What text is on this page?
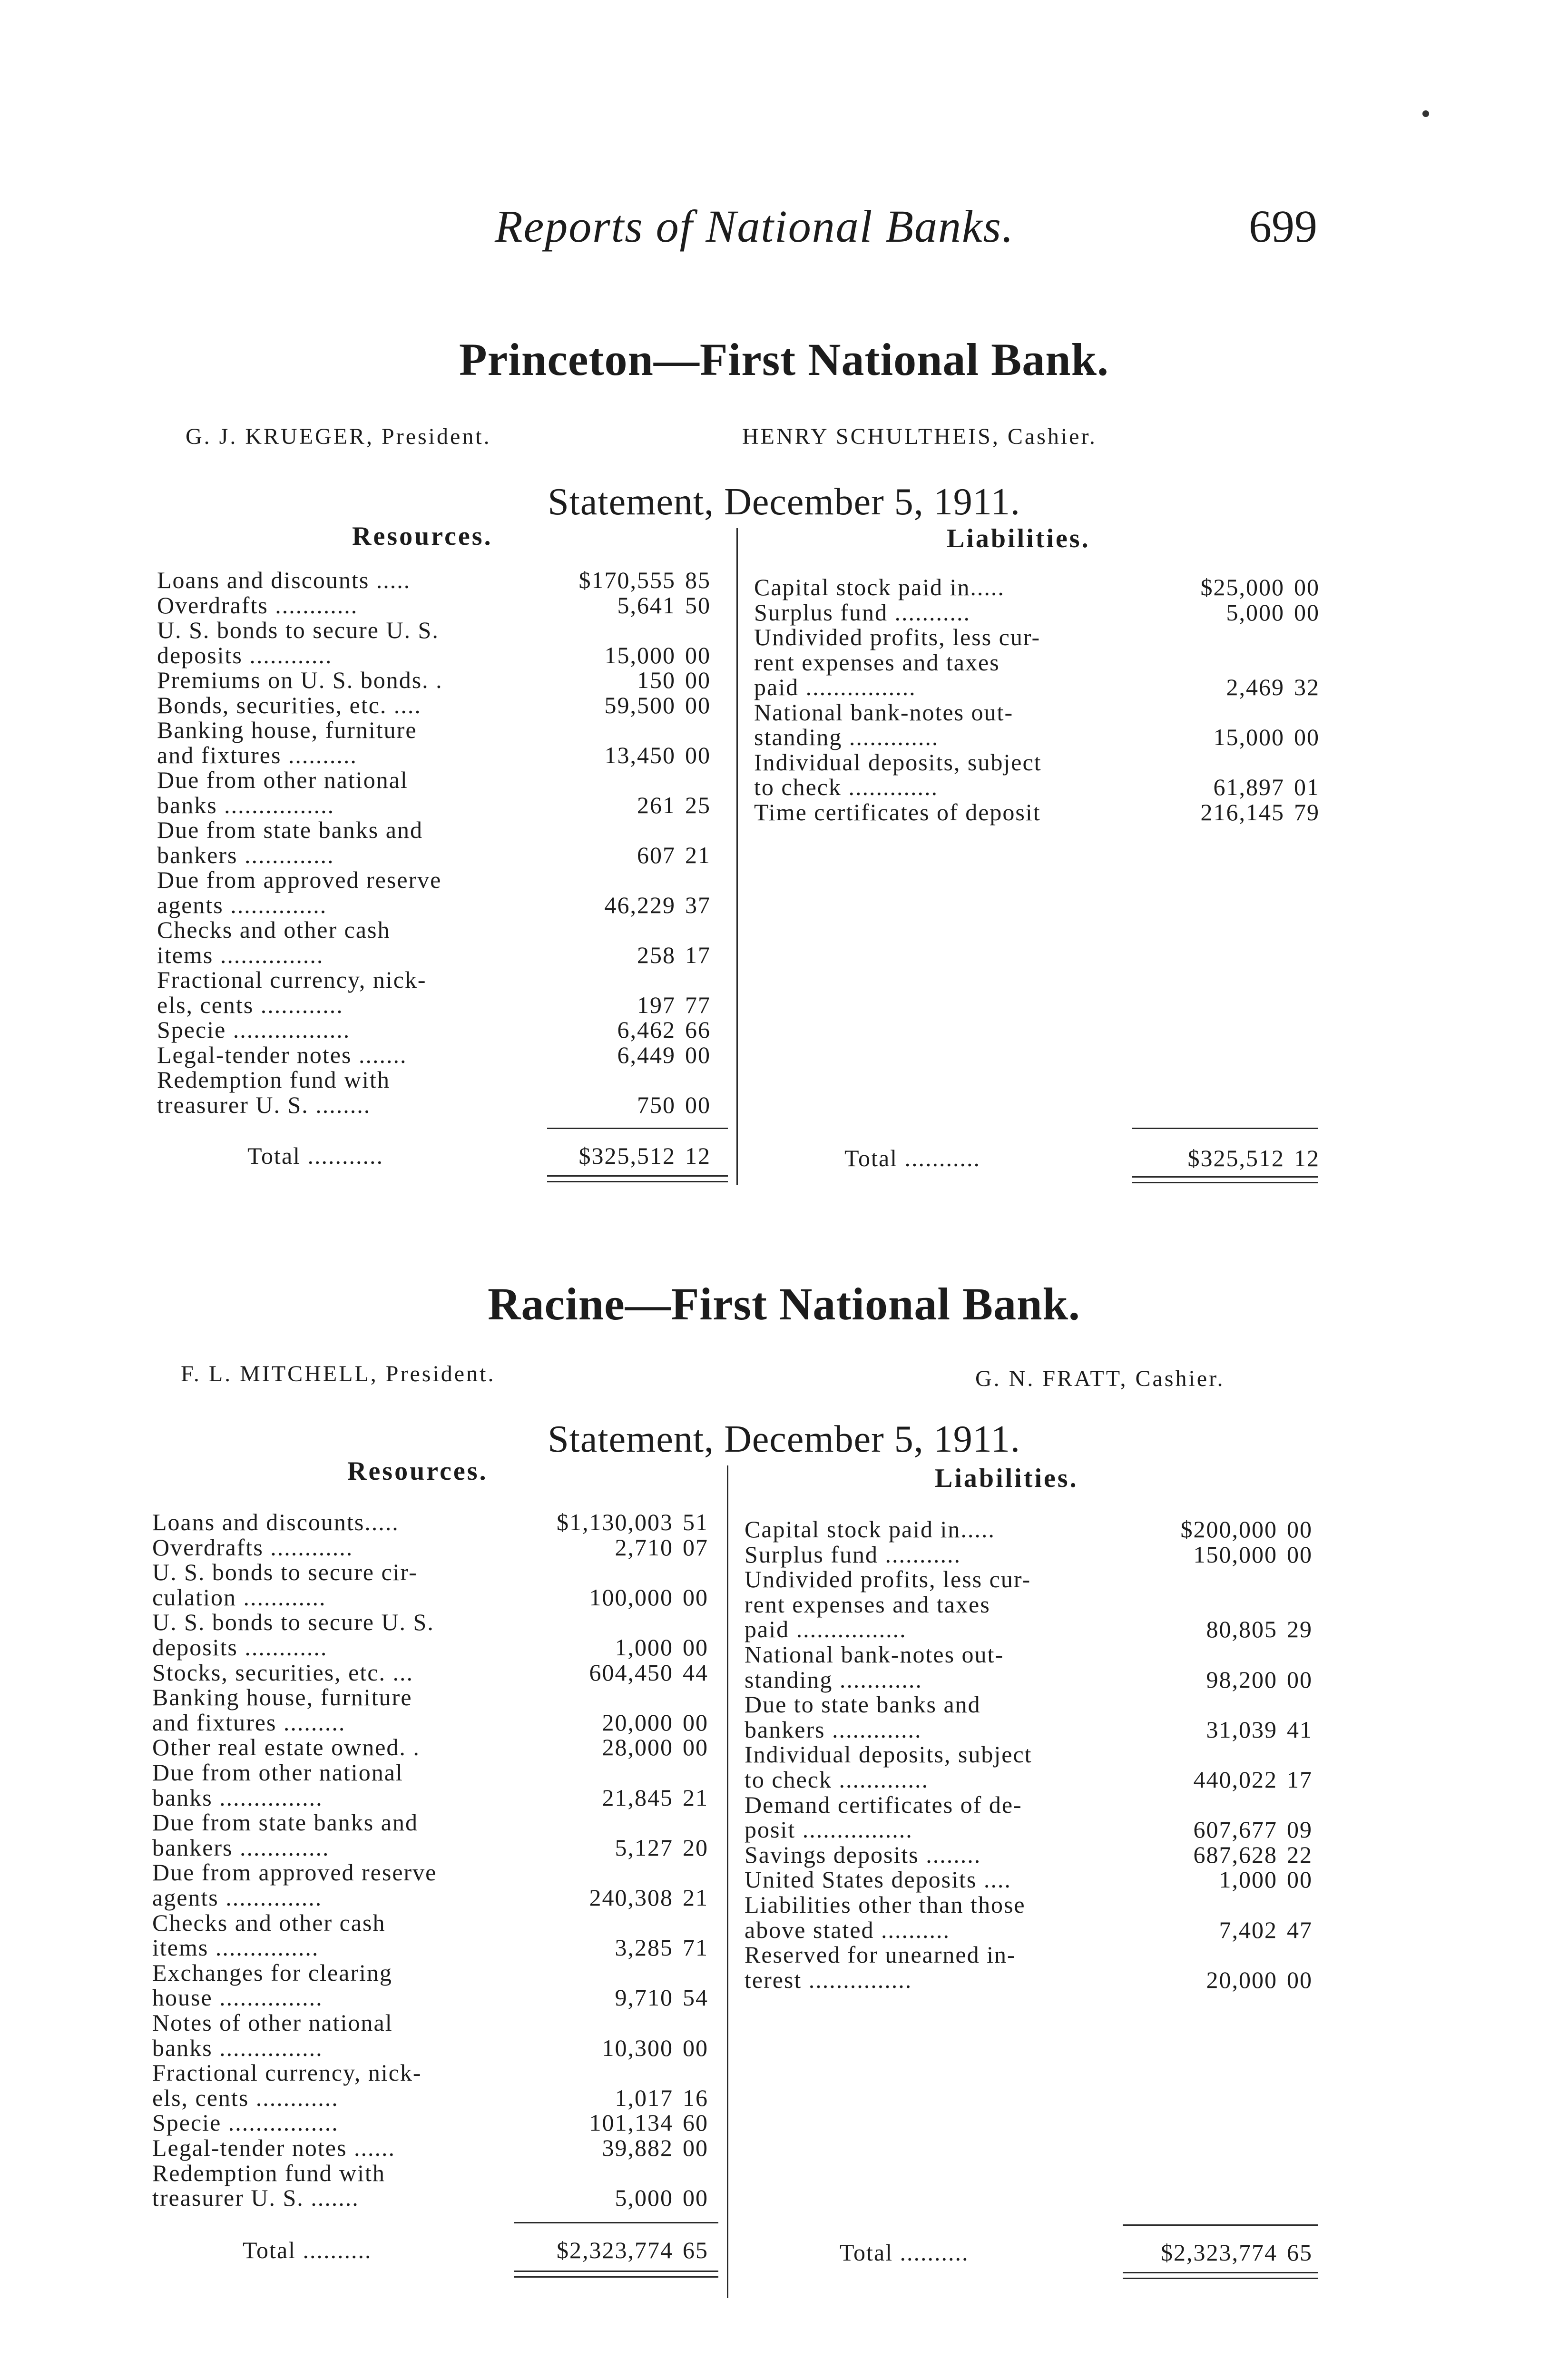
Reports of National Banks.	699
Princeton—First National Bank.
G. J. KRUEGER, President.	HENRY SCHULTHEIS, Cashier.
Statement, December 5, 1911.
Resources.	Liabilities.
Loans and discounts .....	$170,555 85
Overdrafts ............	5,641 50
U. S. bonds to secure U. S.
deposits ............	15,000 00
Premiums on U. S. bonds. .	150 00
Bonds, securities, etc. ....	59,500 00
Banking house, furniture
and fixtures ..........	13,450 00
Due from other national
banks ................	261 25
Due from state banks and
bankers .............	607 21
Due from approved reserve
agents ..............	46,229 37
Checks and other cash
items ...............	258 17
Fractional currency, nick-
els, cents ............	197 77
Specie .................	6,462 66
Legal-tender notes .......	6,449 00
Redemption fund with
treasurer U. S. ........	750 00
Capital stock paid in.....	$25,000 00
Surplus fund ...........	5,000 00
Undivided profits, less cur-
rent expenses and taxes
paid ................	2,469 32
National bank-notes out-
standing .............	15,000 00
Individual deposits, subject
to check .............	61,897 01
Time certificates of deposit	216,145 79
Total ...........	$325,512 12	Total ...........	$325,512 12
Racine—First National Bank.
F. L. MITCHELL, President.	G. N. FRATT, Cashier.
Statement, December 5, 1911.
Resources.	Liabilities.
Loans and discounts.....	$1,130,003 51
Overdrafts ............	2,710 07
U. S. bonds to secure cir-
culation ............	100,000 00
U. S. bonds to secure U. S.
deposits ............	1,000 00
Stocks, securities, etc. ...	604,450 44
Banking house, furniture
and fixtures .........	20,000 00
Other real estate owned. .	28,000 00
Due from other national
banks ...............	21,845 21
Due from state banks and
bankers .............	5,127 20
Due from approved reserve
agents ..............	240,308 21
Checks and other cash
items ...............	3,285 71
Exchanges for clearing
house ...............	9,710 54
Notes of other national
banks ...............	10,300 00
Fractional currency, nick-
els, cents ............	1,017 16
Specie ................	101,134 60
Legal-tender notes ......	39,882 00
Redemption fund with
treasurer U. S. .......	5,000 00
Capital stock paid in.....	$200,000 00
Surplus fund ...........	150,000 00
Undivided profits, less cur-
rent expenses and taxes
paid ................	80,805 29
National bank-notes out-
standing ............	98,200 00
Due to state banks and
bankers .............	31,039 41
Individual deposits, subject
to check .............	440,022 17
Demand certificates of de-
posit ................	607,677 09
Savings deposits ........	687,628 22
United States deposits ....	1,000 00
Liabilities other than those
above stated ..........	7,402 47
Reserved for unearned in-
terest ...............	20,000 00
Total ..........	$2,323,774 65	Total ..........	$2,323,774 65
